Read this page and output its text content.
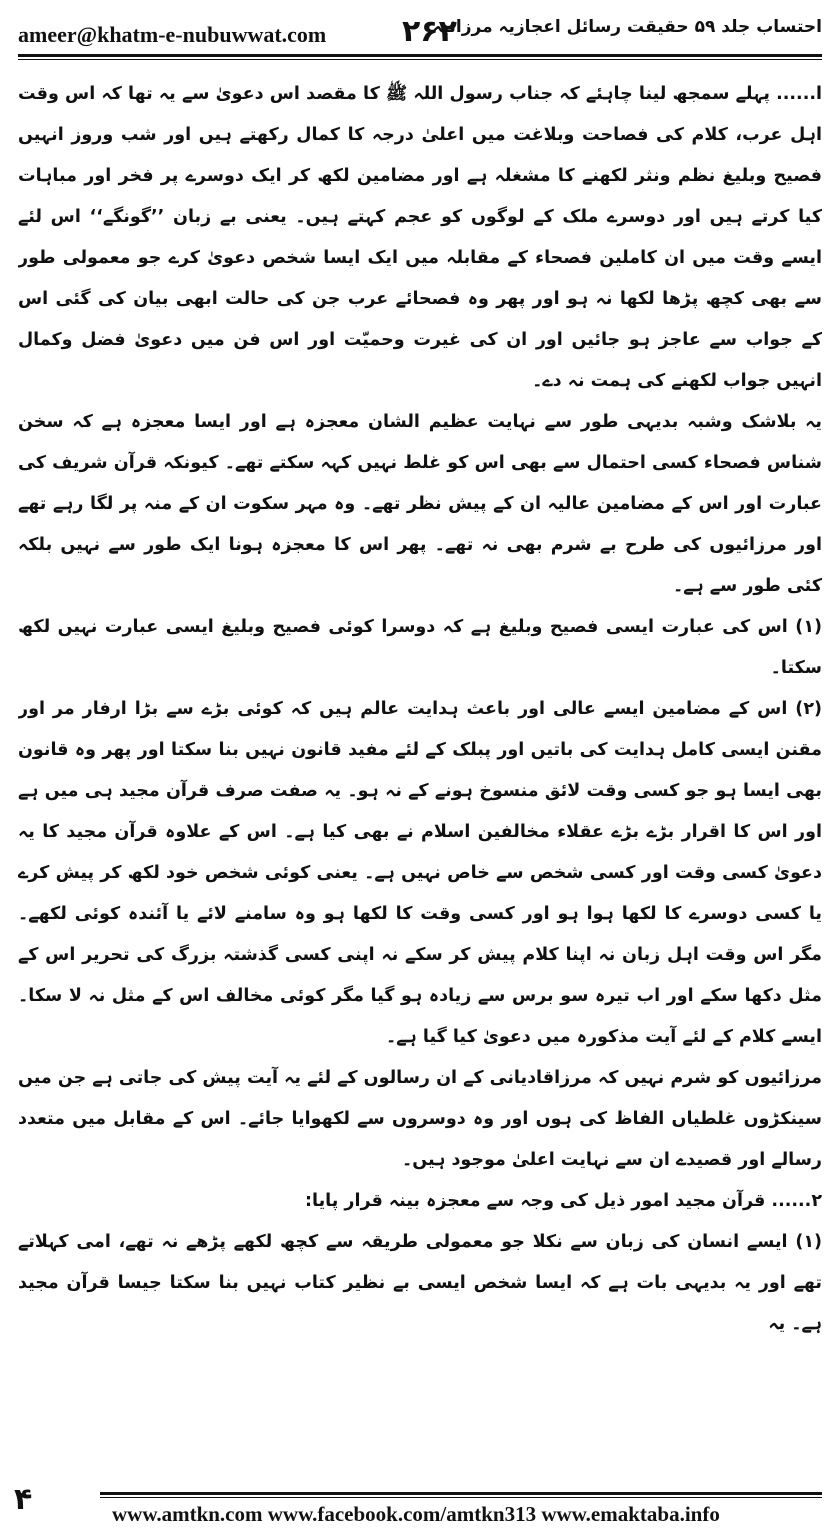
ameer@khatm-e-nubuwwat.com	۲۶۲
احتساب جلد ۵۹ حقیقت رسائل اعجازیہ مرزائیہ

ا...... پہلے سمجھ لینا چاہئے کہ جناب رسول اللہ ﷺ کا مقصد اس دعویٰ سے یہ تھا کہ اس وقت اہل عرب، کلام کی فصاحت وبلاغت میں اعلیٰ درجہ کا کمال رکھتے ہیں اور شب وروز انہیں فصیح وبلیغ نظم ونثر لکھنے کا مشغلہ ہے اور مضامین لکھ کر ایک دوسرے پر فخر اور مباہات کیا کرتے ہیں اور دوسرے ملک کے لوگوں کو عجم کہتے ہیں۔ یعنی بے زبان ’’گونگے‘‘ اس لئے ایسے وقت میں ان کاملین فصحاء کے مقابلہ میں ایک ایسا شخص دعویٰ کرے جو معمولی طور سے بھی کچھ پڑھا لکھا نہ ہو اور پھر وہ فصحائے عرب جن کی حالت ابھی بیان کی گئی اس کے جواب سے عاجز ہو جائیں اور ان کی غیرت وحمیّت اور اس فن میں دعویٰ فضل وکمال انہیں جواب لکھنے کی ہمت نہ دے۔

یہ بلاشک وشبہ بدیہی طور سے نہایت عظیم الشان معجزہ ہے اور ایسا معجزہ ہے کہ سخن شناس فصحاء کسی احتمال سے بھی اس کو غلط نہیں کہہ سکتے تھے۔ کیونکہ قرآن شریف کی عبارت اور اس کے مضامین عالیہ ان کے پیش نظر تھے۔ وہ مہر سکوت ان کے منہ پر لگا رہے تھے اور مرزائیوں کی طرح بے شرم بھی نہ تھے۔ پھر اس کا معجزہ ہونا ایک طور سے نہیں بلکہ کئی طور سے ہے۔

(۱) اس کی عبارت ایسی فصیح وبلیغ ہے کہ دوسرا کوئی فصیح وبلیغ ایسی عبارت نہیں لکھ سکتا۔

(۲) اس کے مضامین ایسے عالی اور باعث ہدایت عالم ہیں کہ کوئی بڑے سے بڑا ارفار مر اور مقنن ایسی کامل ہدایت کی باتیں اور پبلک کے لئے مفید قانون نہیں بنا سکتا اور پھر وہ قانون بھی ایسا ہو جو کسی وقت لائق منسوخ ہونے کے نہ ہو۔ یہ صفت صرف قرآن مجید ہی میں ہے اور اس کا اقرار بڑے بڑے عقلاء مخالفین اسلام نے بھی کیا ہے۔ اس کے علاوہ قرآن مجید کا یہ دعویٰ کسی وقت اور کسی شخص سے خاص نہیں ہے۔ یعنی کوئی شخص خود لکھ کر پیش کرے یا کسی دوسرے کا لکھا ہوا ہو اور کسی وقت کا لکھا ہو وہ سامنے لائے یا آئندہ کوئی لکھے۔ مگر اس وقت اہل زبان نہ اپنا کلام پیش کر سکے نہ اپنی کسی گذشتہ بزرگ کی تحریر اس کے مثل دکھا سکے اور اب تیرہ سو برس سے زیادہ ہو گیا مگر کوئی مخالف اس کے مثل نہ لا سکا۔ ایسے کلام کے لئے آیت مذکورہ میں دعویٰ کیا گیا ہے۔

مرزائیوں کو شرم نہیں کہ مرزاقادیانی کے ان رسالوں کے لئے یہ آیت پیش کی جاتی ہے جن میں سینکڑوں غلطیاں الفاظ کی ہوں اور وہ دوسروں سے لکھوایا جائے۔ اس کے مقابل میں متعدد رسالے اور قصیدے ان سے نہایت اعلیٰ موجود ہیں۔

۲...... قرآن مجید امور ذیل کی وجہ سے معجزہ بینہ قرار پایا:

(۱) ایسے انسان کی زبان سے نکلا جو معمولی طریقہ سے کچھ لکھے پڑھے نہ تھے، امی کہلاتے تھے اور یہ بدیہی بات ہے کہ ایسا شخص ایسی بے نظیر کتاب نہیں بنا سکتا جیسا قرآن مجید ہے۔ یہ

۴	www.amtkn.com www.facebook.com/amtkn313 www.emaktaba.info
